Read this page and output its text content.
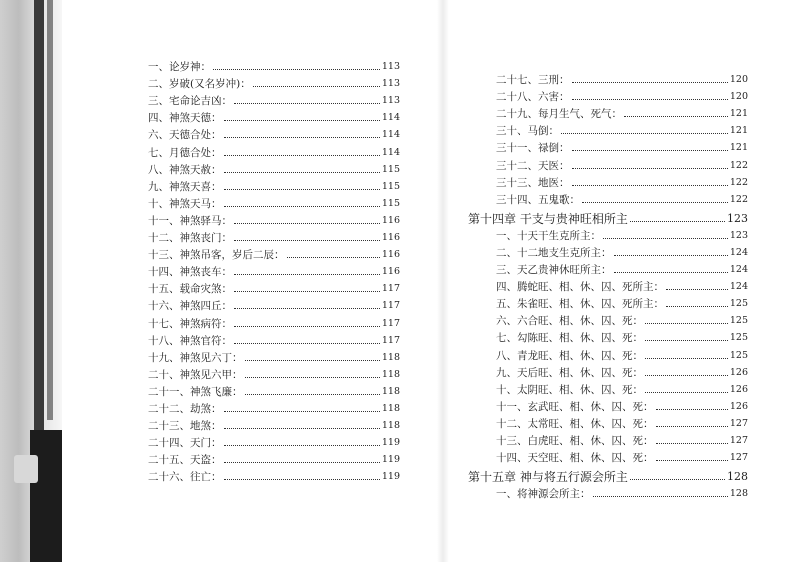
一、论岁神：	113
二、岁破(又名岁冲)：	113
三、宅命论吉凶：	113
四、神煞天德：	114
六、天德合处：	114
七、月德合处：	114
八、神煞天赦：	115
九、神煞天喜：	115
十、神煞天马：	115
十一、神煞驿马：	116
十二、神煞丧门：	116
十三、神煞吊客，岁后二辰：	116
十四、神煞丧车：	116
十五、载命灾煞：	117
十六、神煞四丘：	117
十七、神煞病符：	117
十八、神煞官符：	117
十九、神煞见六丁：	118
二十、神煞见六甲：	118
二十一、神煞飞廉：	118
二十二、劫煞：	118
二十三、地煞：	118
二十四、天门：	119
二十五、天盗：	119
二十六、往亡：	119
二十七、三刑：	120
二十八、六害：	120
二十九、每月生气、死气：	121
三十、马倒：	121
三十一、禄倒：	121
三十二、天医：	122
三十三、地医：	122
三十四、五鬼歌：	122
第十四章 干支与贵神旺相所主	123
一、十天干生克所主：	123
二、十二地支生克所主：	124
三、天乙贵神休旺所主：	124
四、腾蛇旺、相、休、囚、死所主：	124
五、朱雀旺、相、休、囚、死所主：	125
六、六合旺、相、休、囚、死：	125
七、勾陈旺、相、休、囚、死：	125
八、青龙旺、相、休、囚、死：	125
九、天后旺、相、休、囚、死：	126
十、太阴旺、相、休、囚、死：	126
十一、玄武旺、相、休、囚、死：	126
十二、太常旺、相、休、囚、死：	127
十三、白虎旺、相、休、囚、死：	127
十四、天空旺、相、休、囚、死：	127
第十五章 神与将五行源会所主	128
一、将神源会所主：	128
